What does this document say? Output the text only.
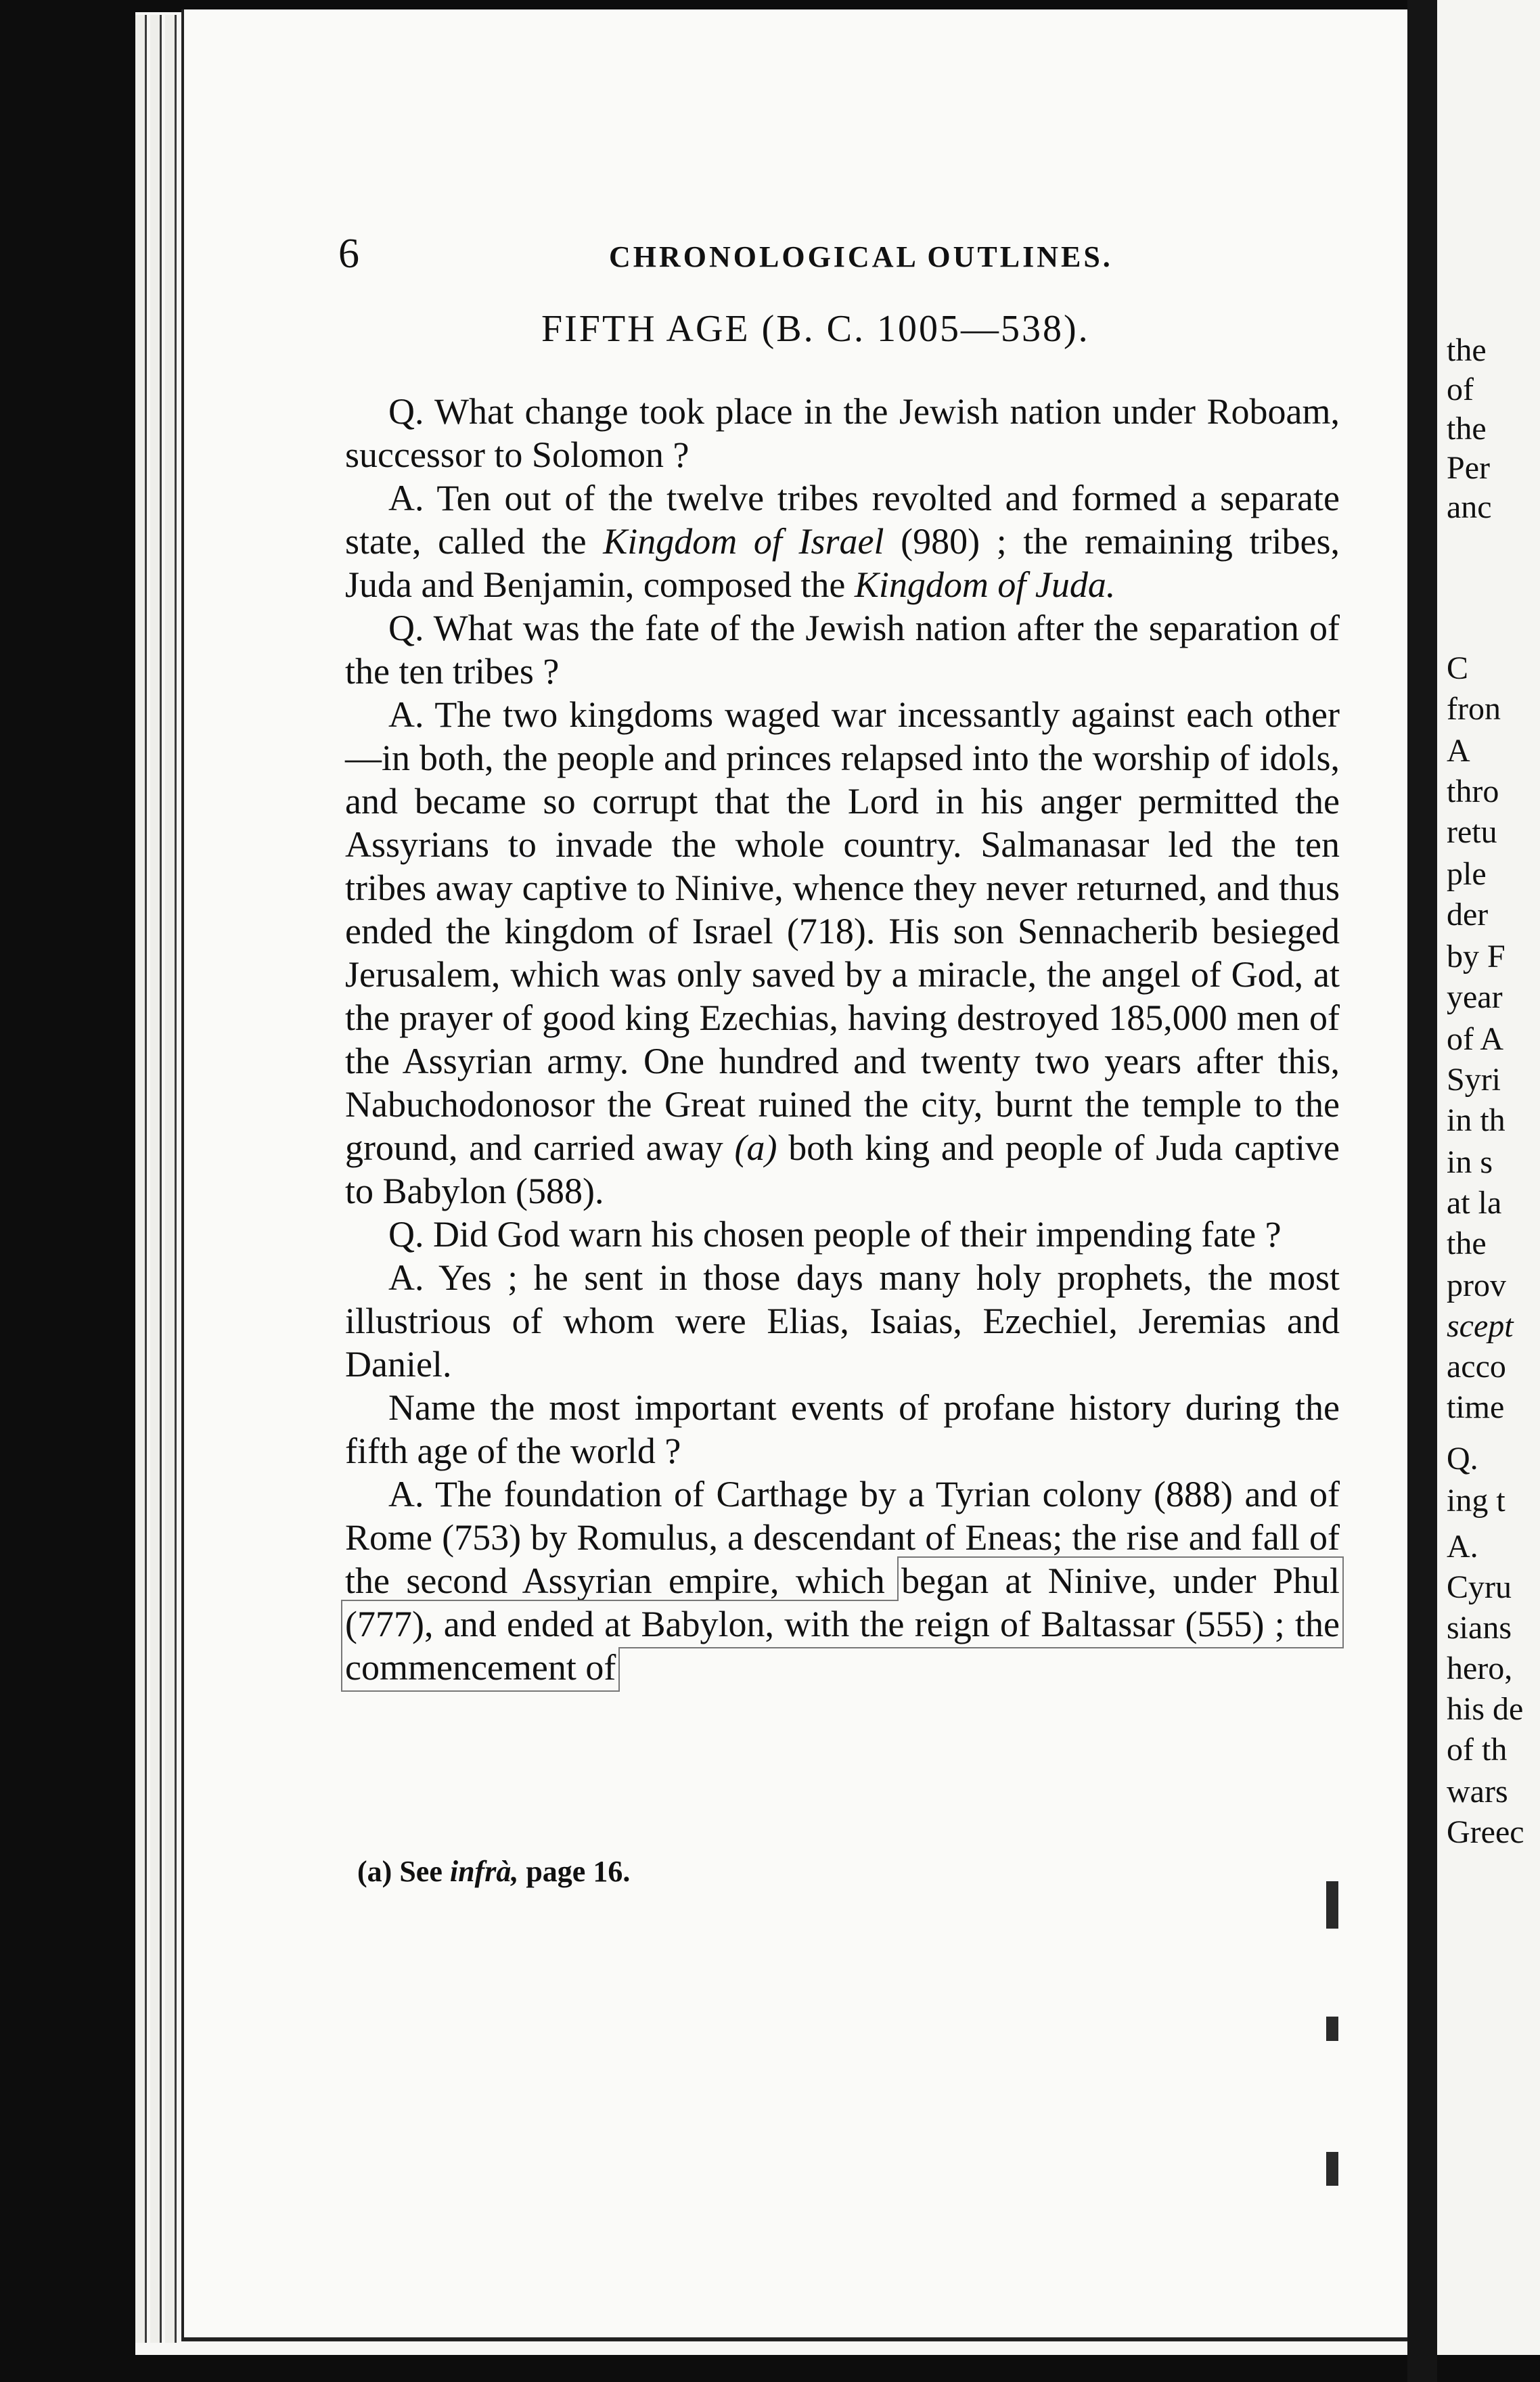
6	CHRONOLOGICAL OUTLINES.
FIFTH AGE (B. C. 1005—538).

Q. What change took place in the Jewish nation under Roboam, successor to Solomon ?

A. Ten out of the twelve tribes revolted and formed a separate state, called the Kingdom of Israel (980) ; the remaining tribes, Juda and Benjamin, composed the Kingdom of Juda.

Q. What was the fate of the Jewish nation after the separation of the ten tribes ?

A. The two kingdoms waged war incessantly against each other—in both, the people and princes relapsed into the worship of idols, and became so corrupt that the Lord in his anger permitted the Assyrians to invade the whole country. Salmanasar led the ten tribes away captive to Ninive, whence they never returned, and thus ended the kingdom of Israel (718). His son Sennacherib besieged Jerusalem, which was only saved by a miracle, the angel of God, at the prayer of good king Ezechias, having destroyed 185,000 men of the Assyrian army. One hundred and twenty two years after this, Nabuchodonosor the Great ruined the city, burnt the temple to the ground, and carried away (a) both king and people of Juda captive to Babylon (588).

Q. Did God warn his chosen people of their impending fate ?

A. Yes ; he sent in those days many holy prophets, the most illustrious of whom were Elias, Isaias, Ezechiel, Jeremias and Daniel.

Name the most important events of profane history during the fifth age of the world ?

A. The foundation of Carthage by a Tyrian colony (888) and of Rome (753) by Romulus, a descendant of Eneas; the rise and fall of the second Assyrian empire, which began at Ninive, under Phul (777), and ended at Babylon, with the reign of Baltassar (555) ; the commencement of

(a) See infrà, page 16.
the
of
the
Per
anc
C
fron
A
thro
retu
ple
der
by F
year
of A
Syri
in th
in s
at la
the
prov
scept
acco
time
Q.
ing t
A.
Cyru
sians
hero,
his de
of th
wars
Greec
